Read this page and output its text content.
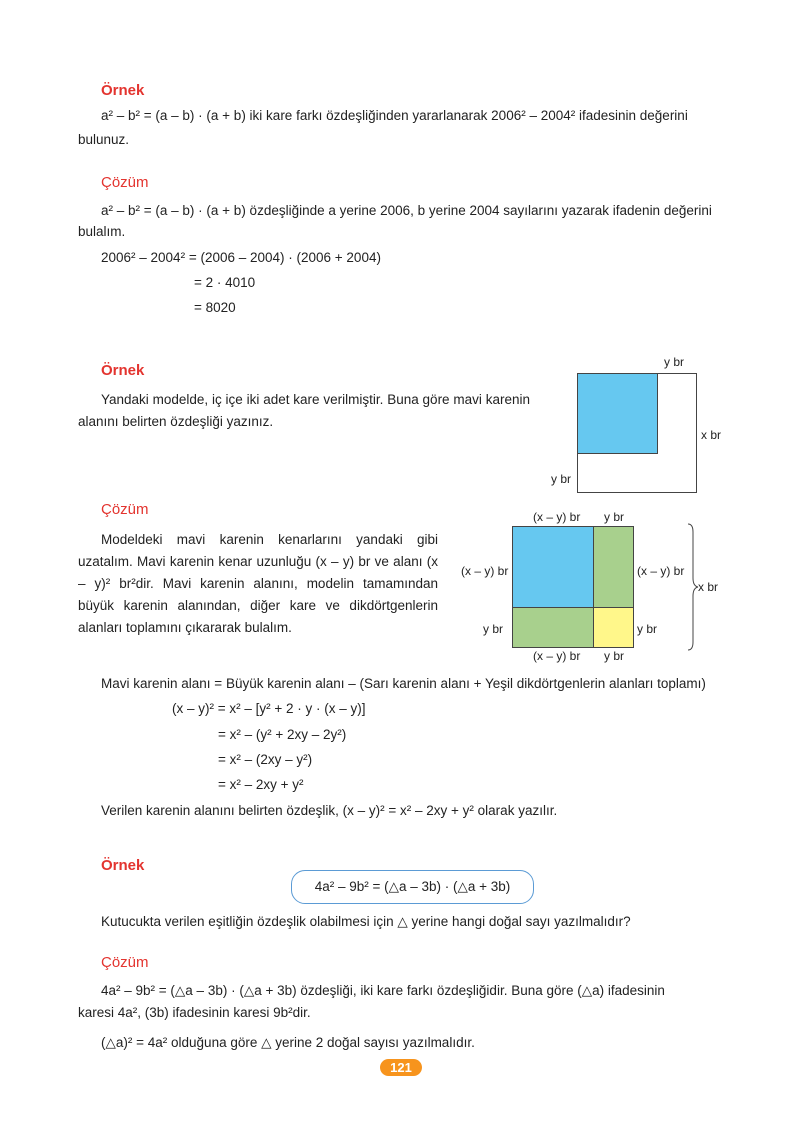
Örnek
a² – b² = (a – b) · (a + b) iki kare farkı özdeşliğinden yararlanarak 2006² – 2004² ifadesinin değerini
bulunuz.
Çözüm
a² – b² = (a – b) · (a + b) özdeşliğinde a yerine 2006, b yerine 2004 sayılarını yazarak ifadenin değerini
bulalım.
2006² – 2004² = (2006 – 2004) · (2006 + 2004)
= 2 · 4010
= 8020
Örnek
Yandaki modelde, iç içe iki adet kare verilmiştir. Buna göre mavi karenin alanını belirten özdeşliği yazınız.
y br
x br
y br
Çözüm
Modeldeki mavi karenin kenarlarını yandaki gibi uzatalım. Mavi karenin kenar uzunluğu (x – y) br ve alanı (x – y)² br²dir. Mavi karenin alanını, modelin tamamından büyük karenin alanından, diğer kare ve dikdörtgenlerin alanları toplamını çıkararak bulalım.
(x – y) br y br
(x – y) br
y br
(x – y) br
y br
(x – y) br y br
x br
Mavi karenin alanı = Büyük karenin alanı – (Sarı karenin alanı + Yeşil dikdörtgenlerin alanları toplamı)
(x – y)² = x² – [y² + 2 · y · (x – y)]
= x² – (y² + 2xy – 2y²)
= x² – (2xy – y²)
= x² – 2xy + y²
Verilen karenin alanını belirten özdeşlik, (x – y)² = x² – 2xy + y² olarak yazılır.
Örnek
4a² – 9b² = (△a – 3b) · (△a + 3b)
Kutucukta verilen eşitliğin özdeşlik olabilmesi için △ yerine hangi doğal sayı yazılmalıdır?
Çözüm
4a² – 9b² = (△a – 3b) · (△a + 3b) özdeşliği, iki kare farkı özdeşliğidir. Buna göre (△a) ifadesinin
karesi 4a², (3b) ifadesinin karesi 9b²dir.
(△a)² = 4a² olduğuna göre △ yerine 2 doğal sayısı yazılmalıdır.
121
